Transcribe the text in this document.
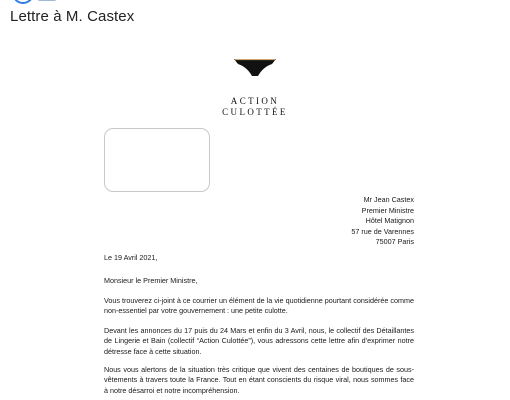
Lettre à M. Castex
ACTION
CULOTTÉE
Mr Jean Castex
Premier Ministre
Hôtel Matignon
57 rue de Varennes
75007 Paris
Le 19 Avril 2021,
Monsieur le Premier Ministre,
Vous trouverez ci-joint à ce courrier un élément de la vie quotidienne pourtant considérée comme non-essentiel par votre gouvernement : une petite culotte.
Devant les annonces du 17 puis du 24 Mars et enfin du 3 Avril, nous, le collectif des Détaillantes de Lingerie et Bain (collectif “Action Culottée”), vous adressons cette lettre afin d’exprimer notre détresse face à cette situation.
Nous vous alertons de la situation très critique que vivent des centaines de boutiques de sous-vêtements à travers toute la France. Tout en étant conscients du risque viral, nous sommes face à notre désarroi et notre incompréhension.
